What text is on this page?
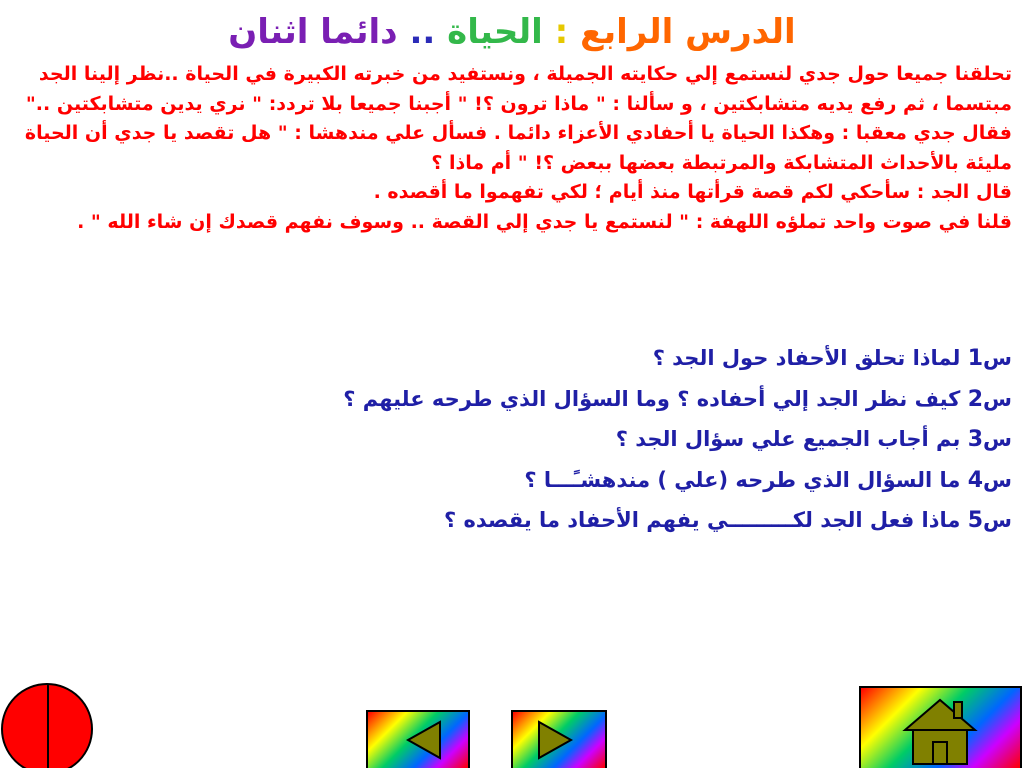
الدرس الرابع : الحياة .. دائما اثنان

تحلقنا جميعا حول جدي لنستمع إلي حكايته الجميلة ، ونستفيد من خبرته الكبيرة في الحياة ..نظر إلينا الجد مبتسما ، ثم رفع يديه متشابكتين ، و سألنا : " ماذا ترون ؟! " أجبنا جميعا بلا تردد: " نري يدين متشابكتين .."

فقال جدي معقبا : وهكذا الحياة يا أحفادي الأعزاء دائما . فسأل علي مندهشا : " هل تقصد يا جدي أن الحياة مليئة بالأحداث المتشابكة والمرتبطة بعضها ببعض ؟! " أم ماذا ؟

قال الجد : سأحكي لكم قصة قرأتها منذ أيام ؛ لكي تفهموا ما أقصده .

قلنا في صوت واحد تملؤه اللهفة : " لنستمع يا جدي إلي القصة .. وسوف نفهم قصدك إن شاء الله " .

س1 لماذا تحلق الأحفاد حول الجد ؟
س2 كيف نظر الجد إلي أحفاده ؟ وما السؤال الذي طرحه عليهم ؟
س3 بم أجاب الجميع علي سؤال الجد ؟
س4 ما السؤال الذي طرحه (علي ) مندهشـًـــا ؟
س5 ماذا فعل الجد لكـــــــــي يفهم الأحفاد ما يقصده ؟
